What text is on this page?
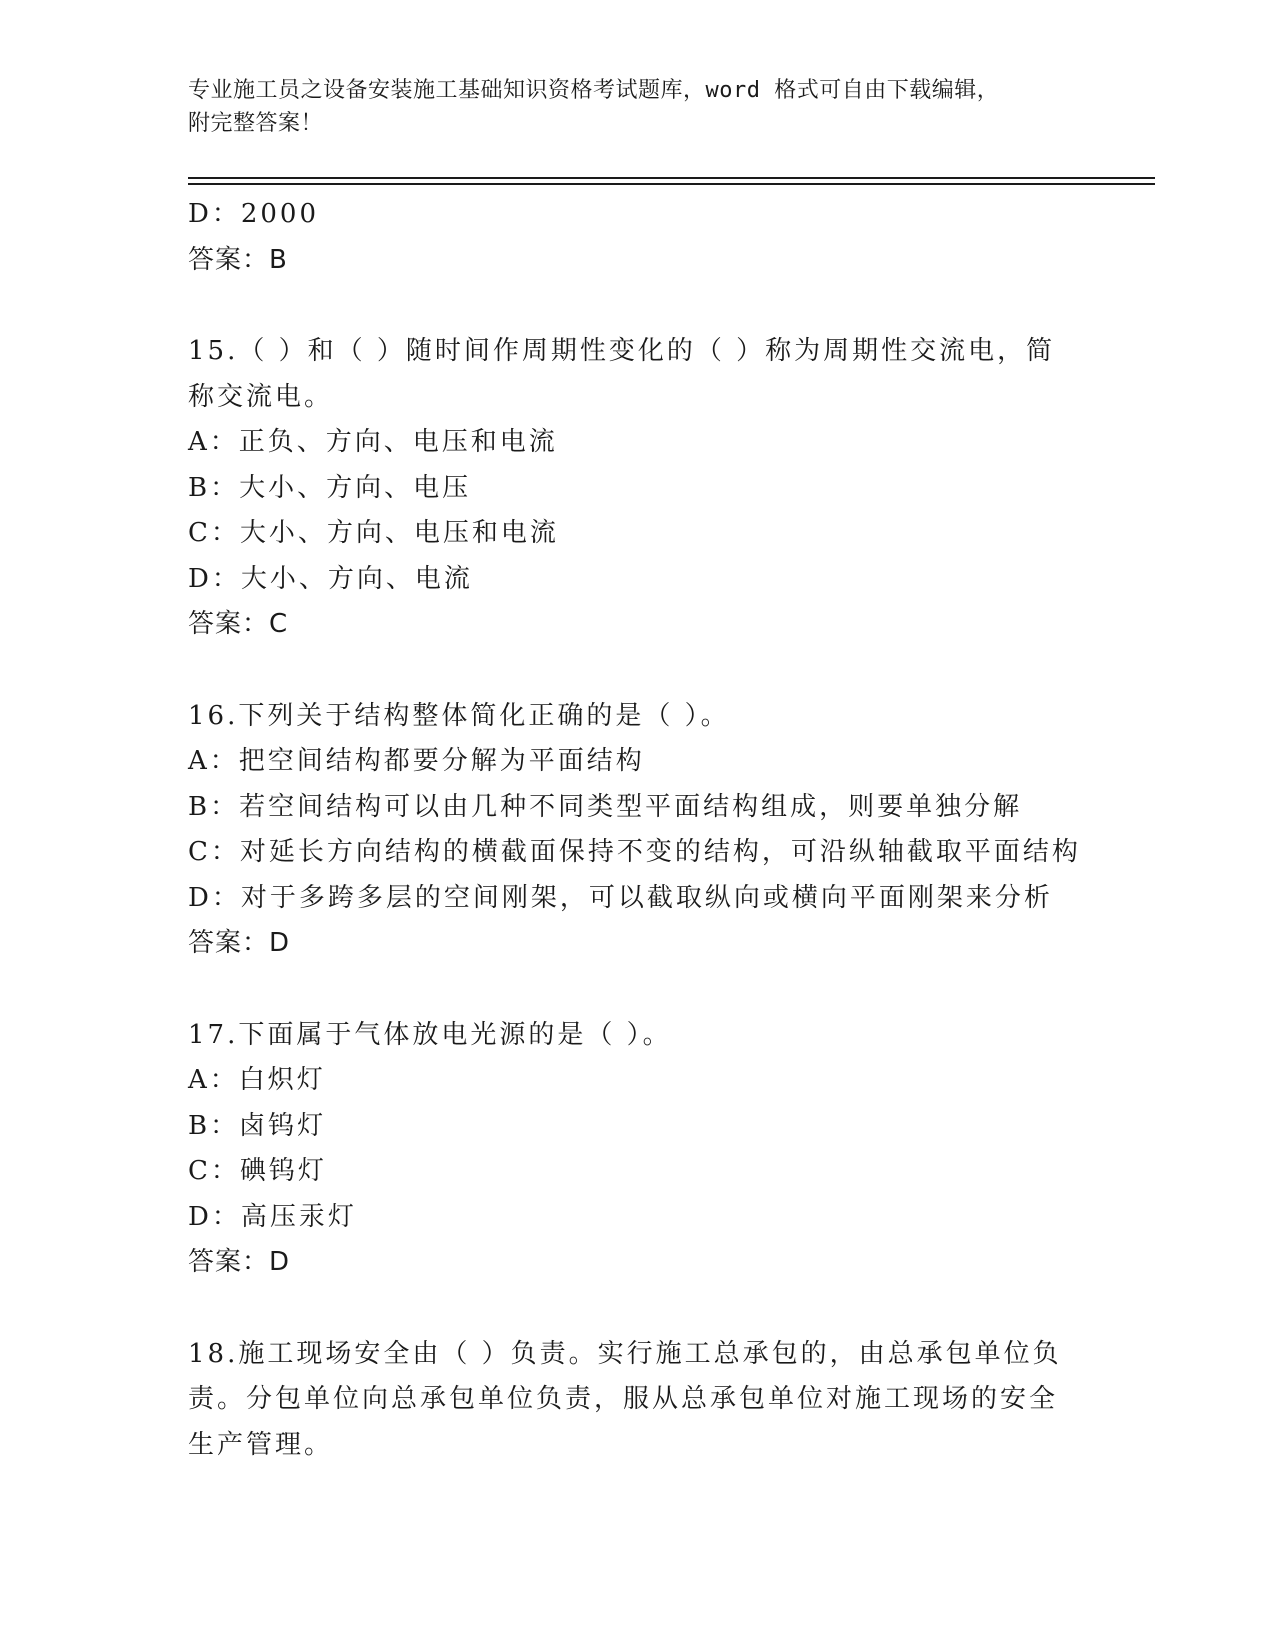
专业施工员之设备安装施工基础知识资格考试题库，word 格式可自由下载编辑，
附完整答案！
D：2000
答案：B
15.（ ）和（ ）随时间作周期性变化的（ ）称为周期性交流电，简
称交流电。
A：正负、方向、电压和电流
B：大小、方向、电压
C：大小、方向、电压和电流
D：大小、方向、电流
答案：C
16.下列关于结构整体简化正确的是（ ）。
A：把空间结构都要分解为平面结构
B：若空间结构可以由几种不同类型平面结构组成，则要单独分解
C：对延长方向结构的横截面保持不变的结构，可沿纵轴截取平面结构
D：对于多跨多层的空间刚架，可以截取纵向或横向平面刚架来分析
答案：D
17.下面属于气体放电光源的是（ ）。
A：白炽灯
B：卤钨灯
C：碘钨灯
D：高压汞灯
答案：D
18.施工现场安全由（ ）负责。实行施工总承包的，由总承包单位负
责。分包单位向总承包单位负责，服从总承包单位对施工现场的安全
生产管理。
